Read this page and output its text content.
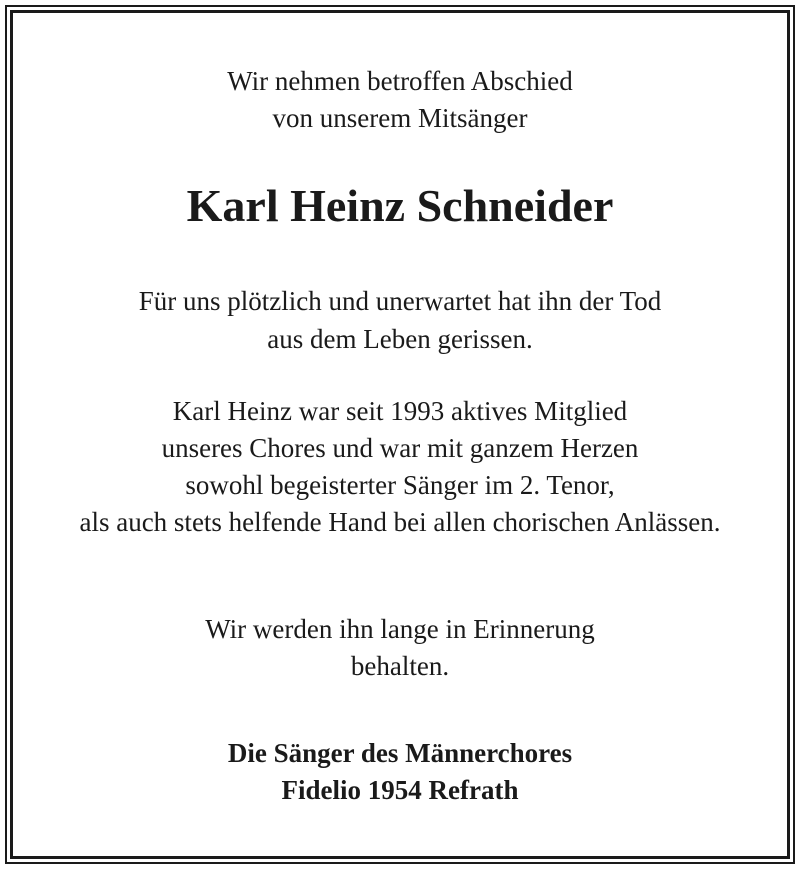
Wir nehmen betroffen Abschied
von unserem Mitsänger
Karl Heinz Schneider
Für uns plötzlich und unerwartet hat ihn der Tod
aus dem Leben gerissen.
Karl Heinz war seit 1993 aktives Mitglied
unseres Chores und war mit ganzem Herzen
sowohl begeisterter Sänger im 2. Tenor,
als auch stets helfende Hand bei allen chorischen Anlässen.
Wir werden ihn lange in Erinnerung
behalten.
Die Sänger des Männerchores
Fidelio 1954 Refrath
